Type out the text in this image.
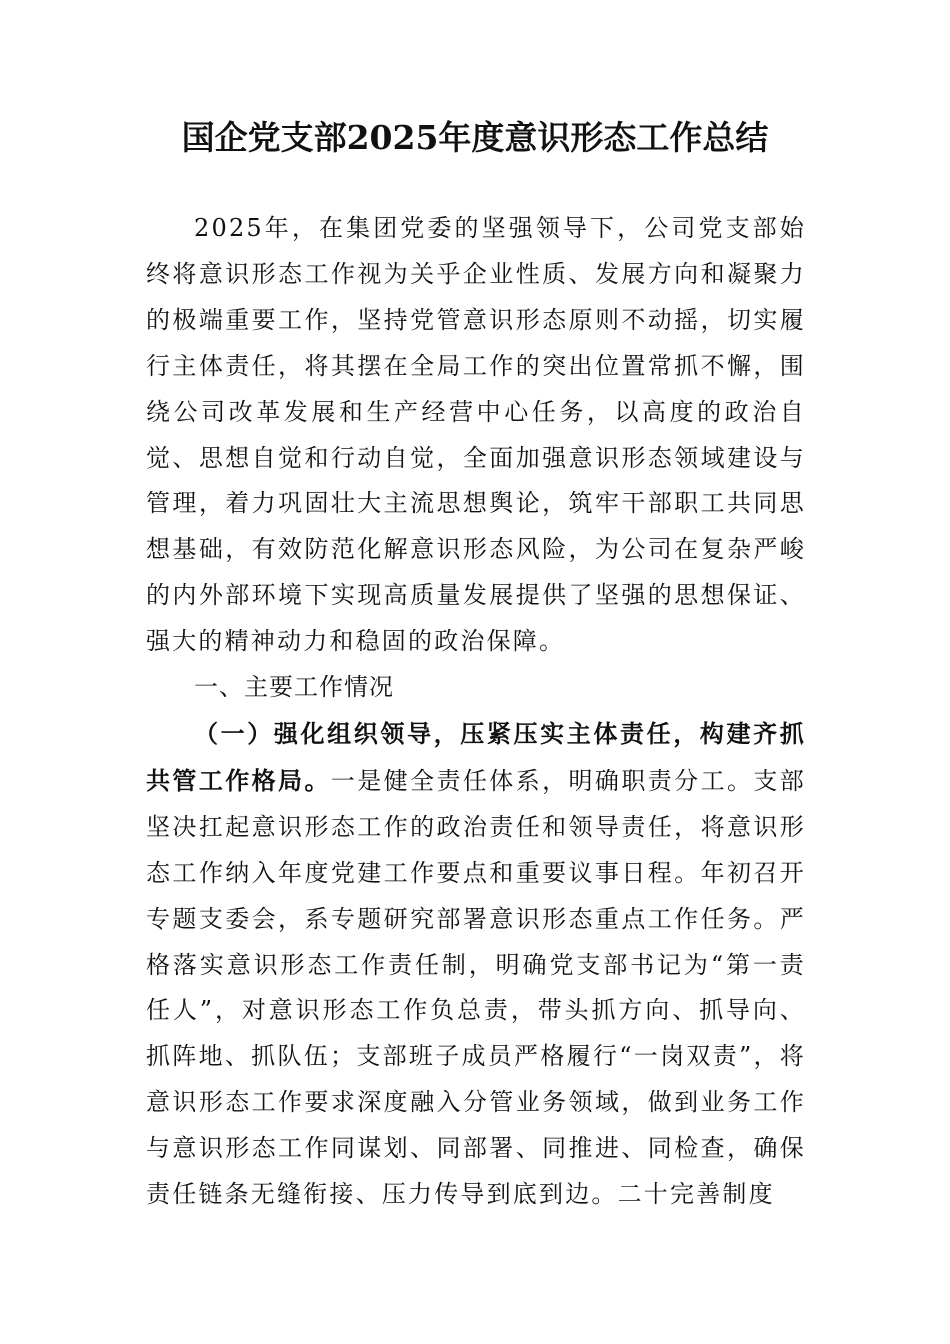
国企党支部2025年度意识形态工作总结

2025年，在集团党委的坚强领导下，公司党支部始终将意识形态工作视为关乎企业性质、发展方向和凝聚力的极端重要工作，坚持党管意识形态原则不动摇，切实履行主体责任，将其摆在全局工作的突出位置常抓不懈，围绕公司改革发展和生产经营中心任务，以高度的政治自觉、思想自觉和行动自觉，全面加强意识形态领域建设与管理，着力巩固壮大主流思想舆论，筑牢干部职工共同思想基础，有效防范化解意识形态风险，为公司在复杂严峻的内外部环境下实现高质量发展提供了坚强的思想保证、强大的精神动力和稳固的政治保障。

一、主要工作情况

（一）强化组织领导，压紧压实主体责任，构建齐抓共管工作格局。一是健全责任体系，明确职责分工。支部坚决扛起意识形态工作的政治责任和领导责任，将意识形态工作纳入年度党建工作要点和重要议事日程。年初召开专题支委会，系专题研究部署意识形态重点工作任务。严格落实意识形态工作责任制，明确党支部书记为“第一责任人”，对意识形态工作负总责，带头抓方向、抓导向、抓阵地、抓队伍；支部班子成员严格履行“一岗双责”，将意识形态工作要求深度融入分管业务领域，做到业务工作与意识形态工作同谋划、同部署、同推进、同检查，确保责任链条无缝衔接、压力传导到底到边。二十完善制度
